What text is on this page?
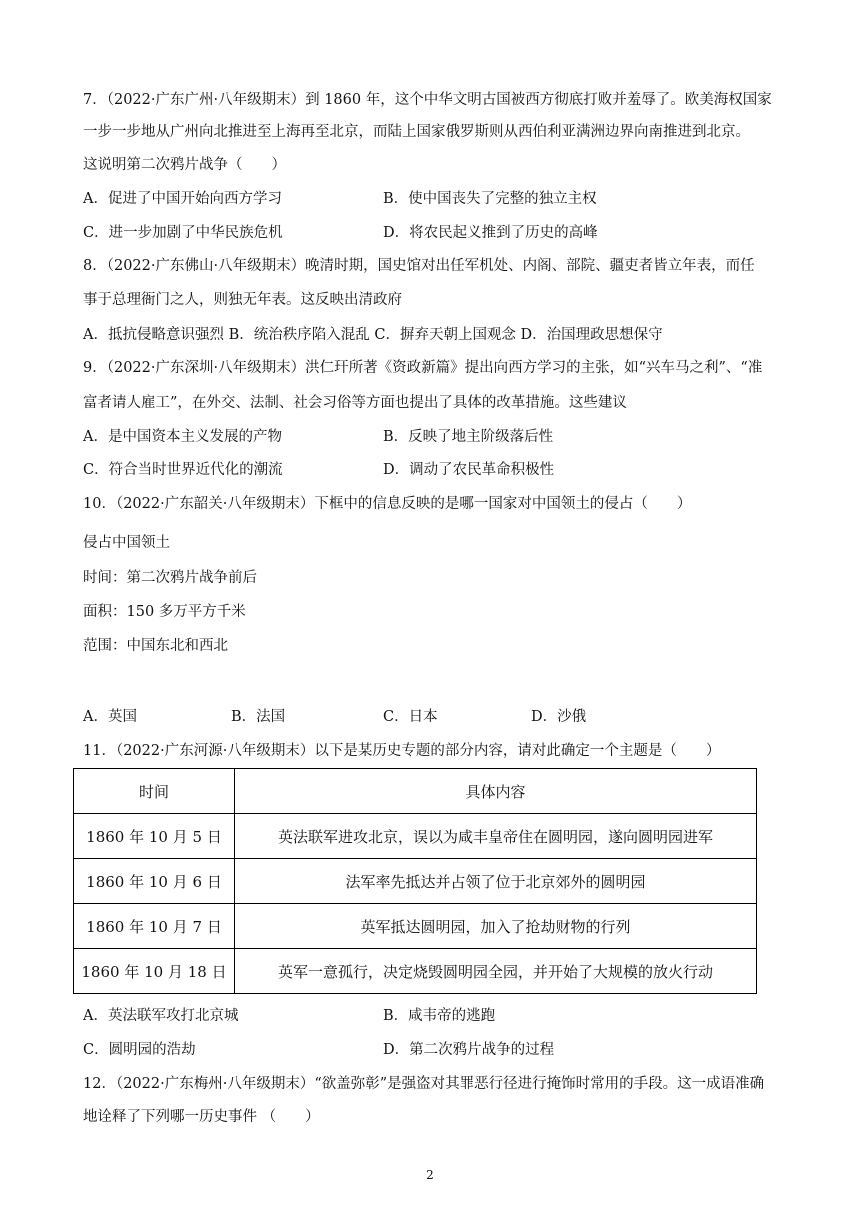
7．（2022·广东广州·八年级期末）到 1860 年，这个中华文明古国被西方彻底打败并羞辱了。欧美海权国家
一步一步地从广州向北推进至上海再至北京，而陆上国家俄罗斯则从西伯利亚满洲边界向南推进到北京。
这说明第二次鸦片战争（　　）
A．促进了中国开始向西方学习	B．使中国丧失了完整的独立主权
C．进一步加剧了中华民族危机	D．将农民起义推到了历史的高峰
8．（2022·广东佛山·八年级期末）晚清时期，国史馆对出任军机处、内阁、部院、疆吏者皆立年表，而任
事于总理衙门之人，则独无年表。这反映出清政府
A．抵抗侵略意识强烈 B．统治秩序陷入混乱 C．摒弃天朝上国观念 D．治国理政思想保守
9．（2022·广东深圳·八年级期末）洪仁玕所著《资政新篇》提出向西方学习的主张，如“兴车马之利”、“准
富者请人雇工”，在外交、法制、社会习俗等方面也提出了具体的改革措施。这些建议
A．是中国资本主义发展的产物	B．反映了地主阶级落后性
C．符合当时世界近代化的潮流	D．调动了农民革命积极性
10．（2022·广东韶关·八年级期末）下框中的信息反映的是哪一国家对中国领土的侵占（　　）
侵占中国领土
时间：第二次鸦片战争前后
面积：150 多万平方千米
范围：中国东北和西北
A．英国	B．法国	C．日本	D．沙俄
11．（2022·广东河源·八年级期末）以下是某历史专题的部分内容，请对此确定一个主题是（　　）
时间	具体内容
1860 年 10 月 5 日	英法联军进攻北京，误以为咸丰皇帝住在圆明园，遂向圆明园进军
1860 年 10 月 6 日	法军率先抵达并占领了位于北京郊外的圆明园
1860 年 10 月 7 日	英军抵达圆明园，加入了抢劫财物的行列
1860 年 10 月 18 日	英军一意孤行，决定烧毁圆明园全园，并开始了大规模的放火行动
A．英法联军攻打北京城	B．咸韦帝的逃跑
C．圆明园的浩劫	D．第二次鸦片战争的过程
12．（2022·广东梅州·八年级期末）“欲盖弥彰”是强盗对其罪恶行径进行掩饰时常用的手段。这一成语准确
地诠释了下列哪一历史事件 （　　）
2
